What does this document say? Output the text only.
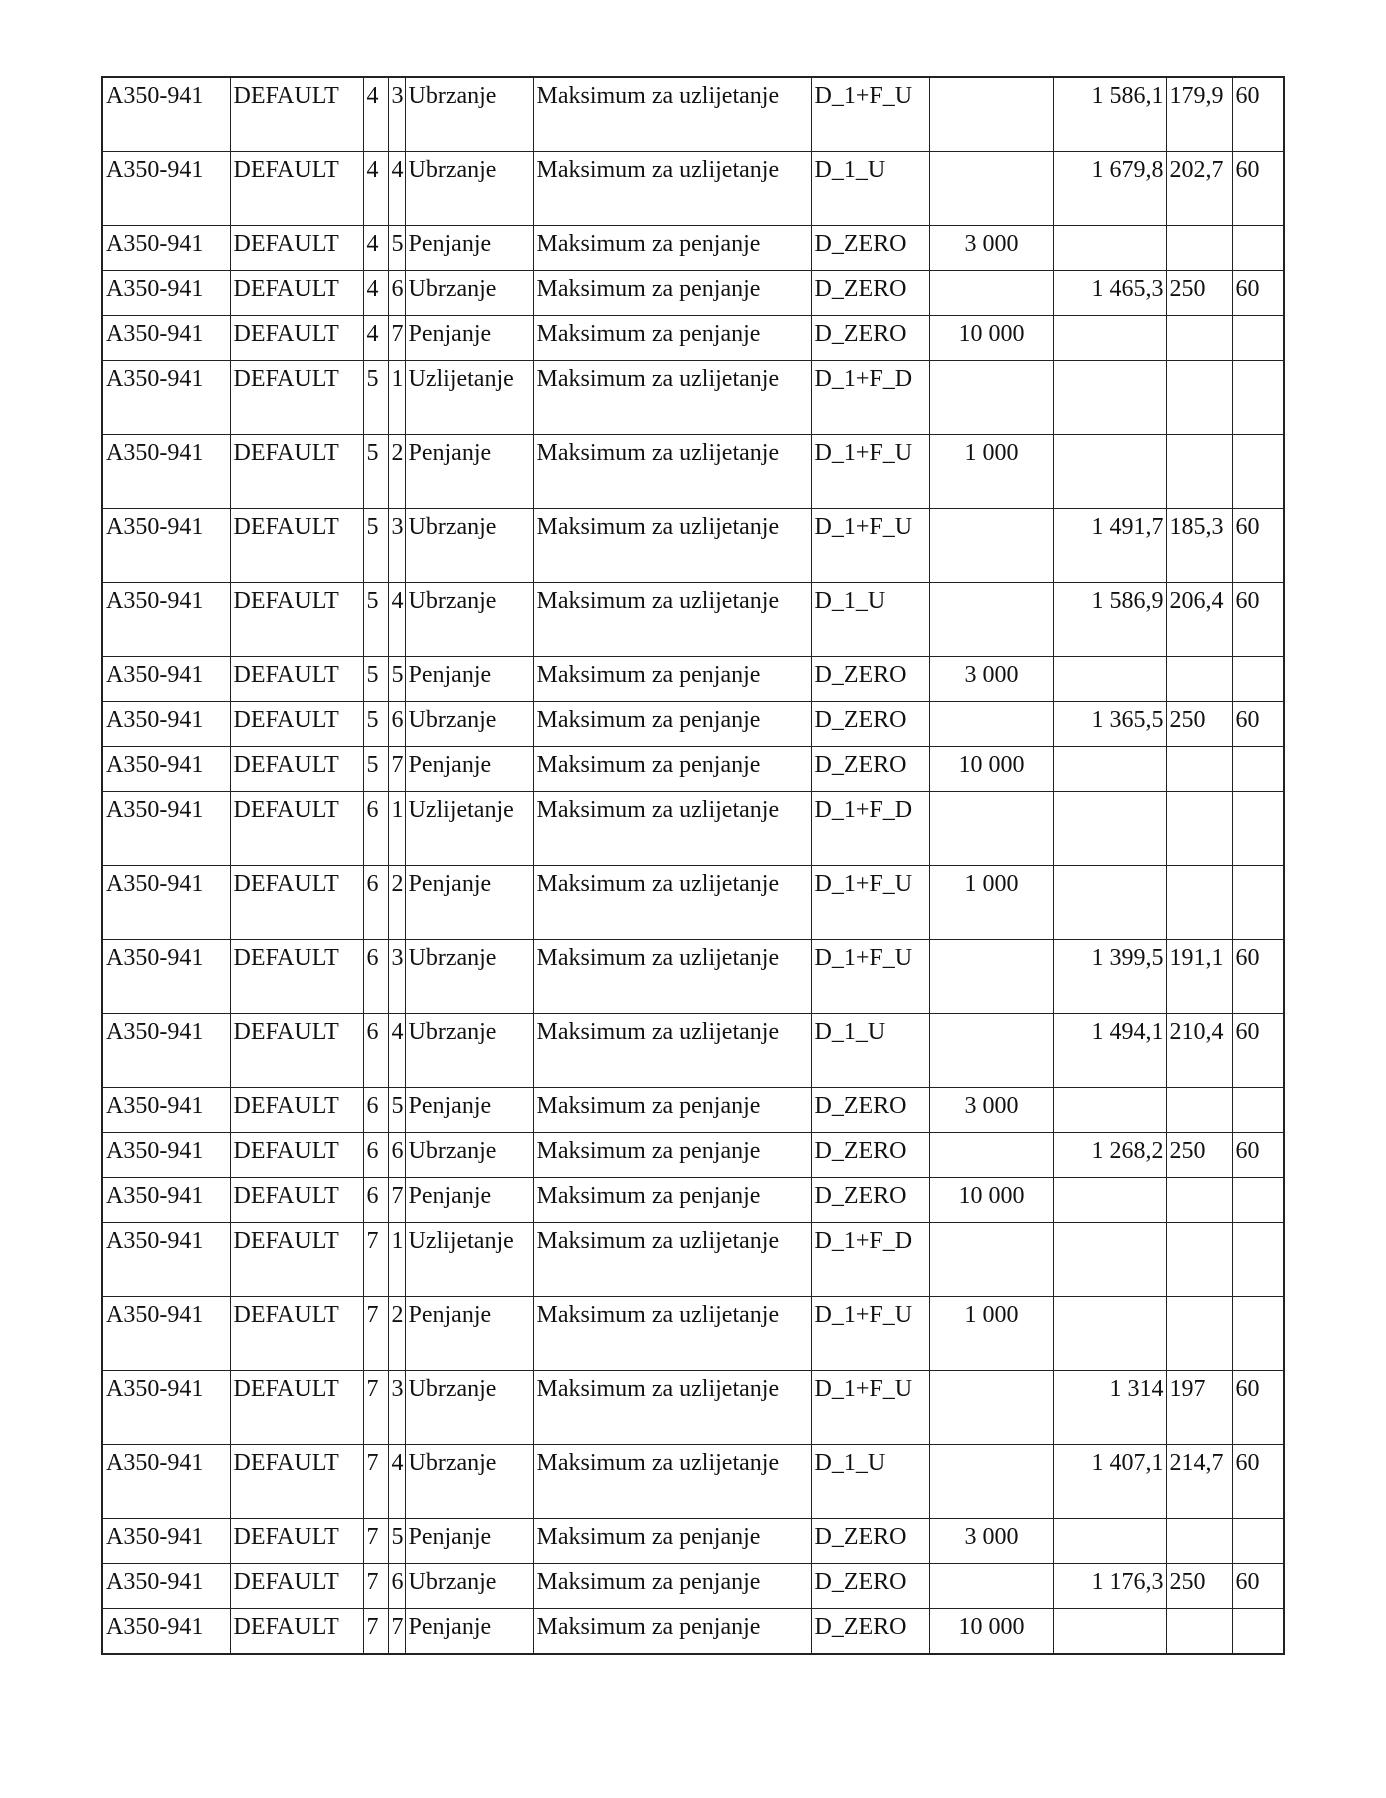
A350-941	DEFAULT	4	3	Ubrzanje	Maksimum za uzlijetanje	D_1+F_U		1 586,1	179,9	60
A350-941	DEFAULT	4	4	Ubrzanje	Maksimum za uzlijetanje	D_1_U		1 679,8	202,7	60
A350-941	DEFAULT	4	5	Penjanje	Maksimum za penjanje	D_ZERO	3 000			
A350-941	DEFAULT	4	6	Ubrzanje	Maksimum za penjanje	D_ZERO		1 465,3	250	60
A350-941	DEFAULT	4	7	Penjanje	Maksimum za penjanje	D_ZERO	10 000			
A350-941	DEFAULT	5	1	Uzlijetanje	Maksimum za uzlijetanje	D_1+F_D				
A350-941	DEFAULT	5	2	Penjanje	Maksimum za uzlijetanje	D_1+F_U	1 000			
A350-941	DEFAULT	5	3	Ubrzanje	Maksimum za uzlijetanje	D_1+F_U		1 491,7	185,3	60
A350-941	DEFAULT	5	4	Ubrzanje	Maksimum za uzlijetanje	D_1_U		1 586,9	206,4	60
A350-941	DEFAULT	5	5	Penjanje	Maksimum za penjanje	D_ZERO	3 000			
A350-941	DEFAULT	5	6	Ubrzanje	Maksimum za penjanje	D_ZERO		1 365,5	250	60
A350-941	DEFAULT	5	7	Penjanje	Maksimum za penjanje	D_ZERO	10 000			
A350-941	DEFAULT	6	1	Uzlijetanje	Maksimum za uzlijetanje	D_1+F_D				
A350-941	DEFAULT	6	2	Penjanje	Maksimum za uzlijetanje	D_1+F_U	1 000			
A350-941	DEFAULT	6	3	Ubrzanje	Maksimum za uzlijetanje	D_1+F_U		1 399,5	191,1	60
A350-941	DEFAULT	6	4	Ubrzanje	Maksimum za uzlijetanje	D_1_U		1 494,1	210,4	60
A350-941	DEFAULT	6	5	Penjanje	Maksimum za penjanje	D_ZERO	3 000			
A350-941	DEFAULT	6	6	Ubrzanje	Maksimum za penjanje	D_ZERO		1 268,2	250	60
A350-941	DEFAULT	6	7	Penjanje	Maksimum za penjanje	D_ZERO	10 000			
A350-941	DEFAULT	7	1	Uzlijetanje	Maksimum za uzlijetanje	D_1+F_D				
A350-941	DEFAULT	7	2	Penjanje	Maksimum za uzlijetanje	D_1+F_U	1 000			
A350-941	DEFAULT	7	3	Ubrzanje	Maksimum za uzlijetanje	D_1+F_U		1 314	197	60
A350-941	DEFAULT	7	4	Ubrzanje	Maksimum za uzlijetanje	D_1_U		1 407,1	214,7	60
A350-941	DEFAULT	7	5	Penjanje	Maksimum za penjanje	D_ZERO	3 000			
A350-941	DEFAULT	7	6	Ubrzanje	Maksimum za penjanje	D_ZERO		1 176,3	250	60
A350-941	DEFAULT	7	7	Penjanje	Maksimum za penjanje	D_ZERO	10 000			
